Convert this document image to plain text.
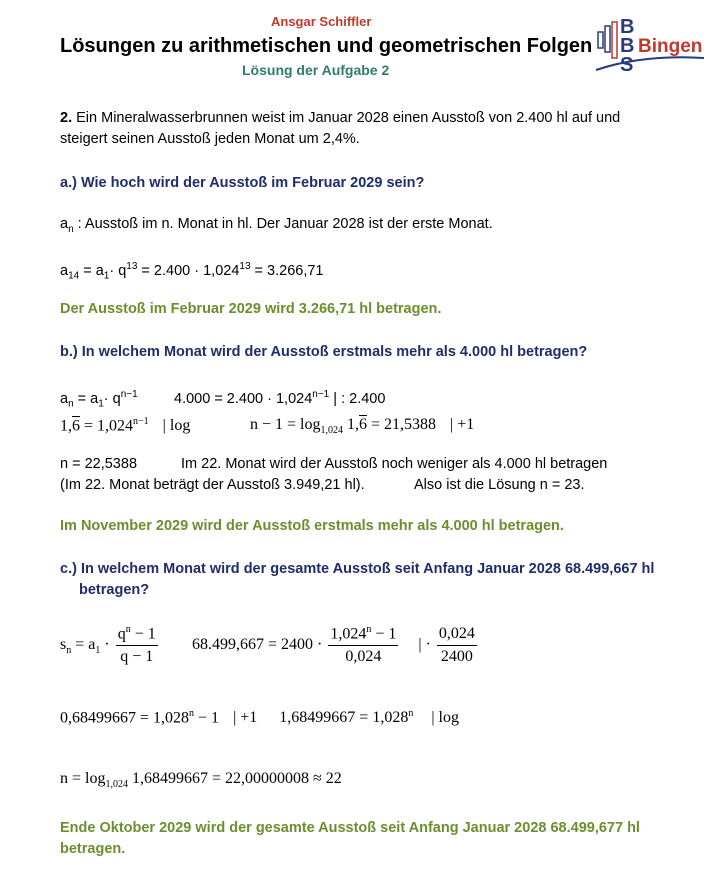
Ansgar Schiffler
Lösungen zu arithmetischen und geometrischen Folgen
Lösung der Aufgabe 2
B
B
S
Bingen
2. Ein Mineralwasserbrunnen weist im Januar 2028 einen Ausstoß von 2.400 hl auf und
steigert seinen Ausstoß jeden Monat um 2,4%.
a.) Wie hoch wird der Ausstoß im Februar 2029 sein?
$a_n$ : Ausstoß im n. Monat in hl. Der Januar 2028 ist der erste Monat.
$a_{14} = a_1\cdot q^{13} = 2.400 \cdot 1,024^{13} = 3.266,71$
Der Ausstoß im Februar 2029 wird 3.266,71 hl betragen.
b.) In welchem Monat wird der Ausstoß erstmals mehr als 4.000 hl betragen?
$a_n = a_1\cdot q^{n-1}$	$4.000 = 2.400 \cdot 1,024^{n-1}$ | : 2.400
$1,6 = 1,024^{n-1}$ | log	$n - 1 = \log_{1,024} 1,6 = 21,5388$ | +1
n = 22,5388	Im 22. Monat wird der Ausstoß noch weniger als 4.000 hl betragen
(Im 22. Monat beträgt der Ausstoß 3.949,21 hl).	Also ist die Lösung n = 23.
Im November 2029 wird der Ausstoß erstmals mehr als 4.000 hl betragen.
c.) In welchem Monat wird der gesamte Ausstoß seit Anfang Januar 2028 68.499,667 hl
betragen?
$s_n = a_1 \cdot \frac{q^n - 1}{q - 1} 68.499,667 = 2400 \cdot \frac{1,024^n - 1}{0,024}$ | · $\frac{0,024}{2400}$
$0,68499667 = 1,028^n - 1$ | +1 $1,68499667 = 1,028^n$ | log
$n = \log_{1,024} 1,68499667 = 22,00000008 \approx 22$
Ende Oktober 2029 wird der gesamte Ausstoß seit Anfang Januar 2028 68.499,677 hl
betragen.
